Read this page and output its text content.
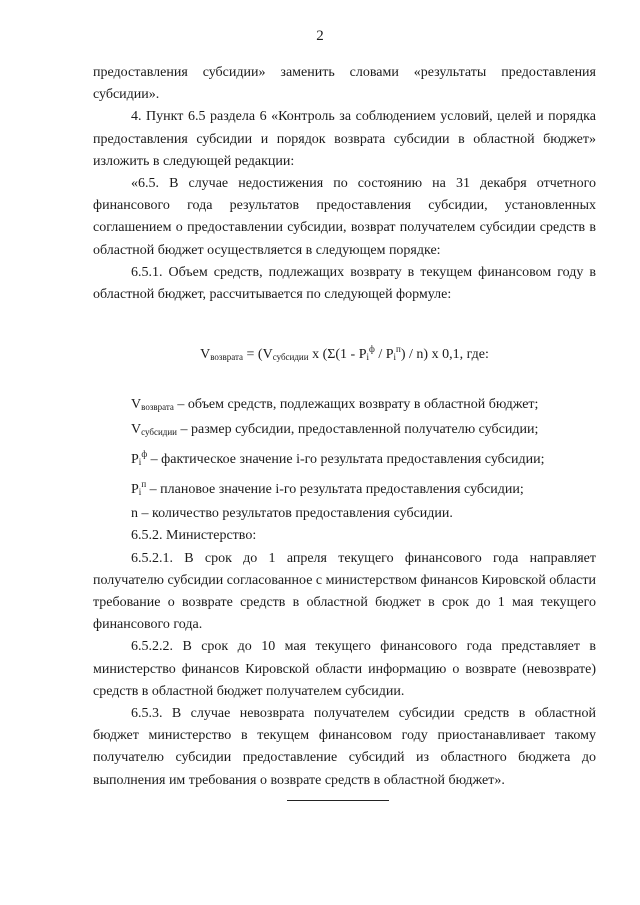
2

предоставления субсидии» заменить словами «результаты предоставления субсидии».

4. Пункт 6.5 раздела 6 «Контроль за соблюдением условий, целей и порядка предоставления субсидии и порядок возврата субсидии в областной бюджет» изложить в следующей редакции:

«6.5. В случае недостижения по состоянию на 31 декабря отчетного финансового года результатов предоставления субсидии, установленных соглашением о предоставлении субсидии, возврат получателем субсидии средств в областной бюджет осуществляется в следующем порядке:

6.5.1. Объем средств, подлежащих возврату в текущем финансовом году в областной бюджет, рассчитывается по следующей формуле:

$V_{возврата} = (V_{субсидии}$ x $(\Sigma(1 - P_i^ф / P_i^п) / n)$ x 0,1, где:

$V_{возврата}$ – объем средств, подлежащих возврату в областной бюджет;

$V_{субсидии}$ – размер субсидии, предоставленной получателю субсидии;

$P_i^ф$ – фактическое значение i-го результата предоставления субсидии;

$P_i^п$ – плановое значение i-го результата предоставления субсидии;

n – количество результатов предоставления субсидии.

6.5.2. Министерство:

6.5.2.1. В срок до 1 апреля текущего финансового года направляет получателю субсидии согласованное с министерством финансов Кировской области требование о возврате средств в областной бюджет в срок до 1 мая текущего финансового года.

6.5.2.2. В срок до 10 мая текущего финансового года представляет в министерство финансов Кировской области информацию о возврате (невозврате) средств в областной бюджет получателем субсидии.

6.5.3. В случае невозврата получателем субсидии средств в областной бюджет министерство в текущем финансовом году приостанавливает такому получателю субсидии предоставление субсидий из областного бюджета до выполнения им требования о возврате средств в областной бюджет».
